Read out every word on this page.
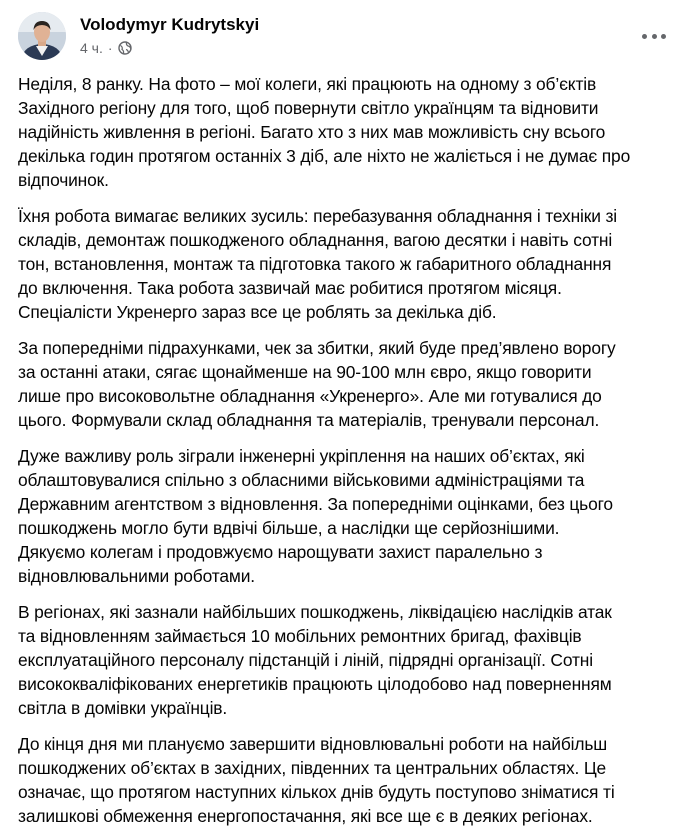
Volodymyr Kudrytskyi
4 ч. ·

Неділя, 8 ранку. На фото – мої колеги, які працюють на одному з об’єктів
Західного регіону для того, щоб повернути світло українцям та відновити
надійність живлення в регіоні. Багато хто з них мав можливість сну всього
декілька годин протягом останніх 3 діб, але ніхто не жаліється і не думає про
відпочинок.

Їхня робота вимагає великих зусиль: перебазування обладнання і техніки зі
складів, демонтаж пошкодженого обладнання, вагою десятки і навіть сотні
тон, встановлення, монтаж та підготовка такого ж габаритного обладнання
до включення. Така робота зазвичай має робитися протягом місяця.
Спеціалісти Укренерго зараз все це роблять за декілька діб.

За попередніми підрахунками, чек за збитки, який буде пред’явлено ворогу
за останні атаки, сягає щонайменше на 90-100 млн євро, якщо говорити
лише про високовольтне обладнання «Укренерго». Але ми готувалися до
цього. Формували склад обладнання та матеріалів, тренували персонал.

Дуже важливу роль зіграли інженерні укріплення на наших об’єктах, які
облаштовувалися спільно з обласними військовими адміністраціями та
Державним агентством з відновлення. За попередніми оцінками, без цього
пошкоджень могло бути вдвічі більше, а наслідки ще серйознішими.
Дякуємо колегам і продовжуємо нарощувати захист паралельно з
відновлювальними роботами.

В регіонах, які зазнали найбільших пошкоджень, ліквідацією наслідків атак
та відновленням займається 10 мобільних ремонтних бригад, фахівців
експлуатаційного персоналу підстанцій і ліній, підрядні організації. Сотні
висококваліфікованих енергетиків працюють цілодобово над поверненням
світла в домівки українців.

До кінця дня ми плануємо завершити відновлювальні роботи на найбільш
пошкоджених об’єктах в західних, південних та центральних областях. Це
означає, що протягом наступних кількох днів будуть поступово зніматися ті
залишкові обмеження енергопостачання, які все ще є в деяких регіонах.
